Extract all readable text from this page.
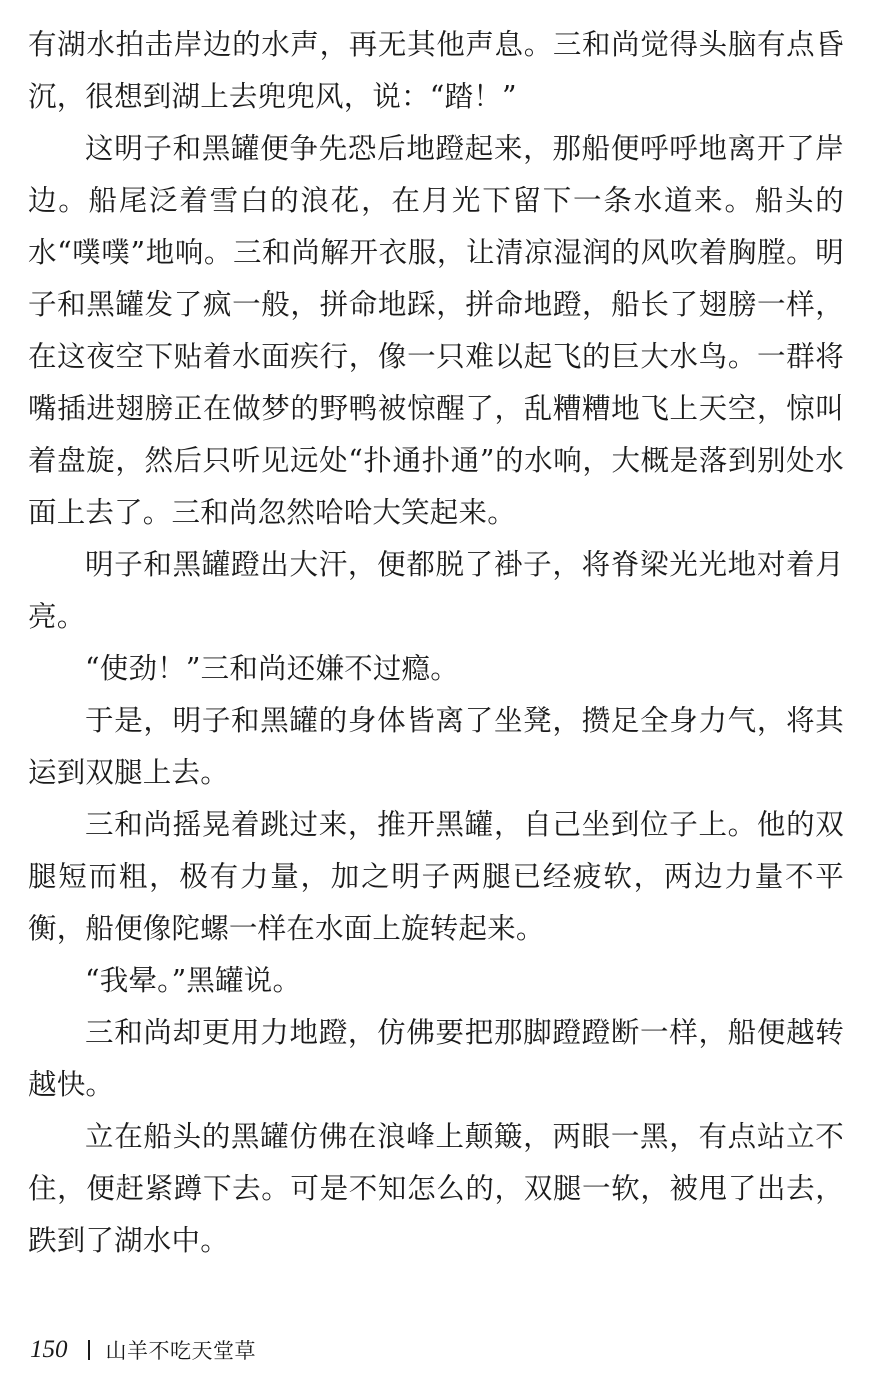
有湖水拍击岸边的水声，再无其他声息。三和尚觉得头脑有点昏沉，很想到湖上去兜兜风，说：“踏！”

这明子和黑罐便争先恐后地蹬起来，那船便呼呼地离开了岸边。船尾泛着雪白的浪花，在月光下留下一条水道来。船头的水“噗噗”地响。三和尚解开衣服，让清凉湿润的风吹着胸膛。明子和黑罐发了疯一般，拼命地踩，拼命地蹬，船长了翅膀一样，在这夜空下贴着水面疾行，像一只难以起飞的巨大水鸟。一群将嘴插进翅膀正在做梦的野鸭被惊醒了，乱糟糟地飞上天空，惊叫着盘旋，然后只听见远处“扑通扑通”的水响，大概是落到别处水面上去了。三和尚忽然哈哈大笑起来。

明子和黑罐蹬出大汗，便都脱了褂子，将脊梁光光地对着月亮。

“使劲！”三和尚还嫌不过瘾。

于是，明子和黑罐的身体皆离了坐凳，攒足全身力气，将其运到双腿上去。

三和尚摇晃着跳过来，推开黑罐，自己坐到位子上。他的双腿短而粗，极有力量，加之明子两腿已经疲软，两边力量不平衡，船便像陀螺一样在水面上旋转起来。

“我晕。”黑罐说。

三和尚却更用力地蹬，仿佛要把那脚蹬蹬断一样，船便越转越快。

立在船头的黑罐仿佛在浪峰上颠簸，两眼一黑，有点站立不住，便赶紧蹲下去。可是不知怎么的，双腿一软，被甩了出去，跌到了湖水中。

150 山羊不吃天堂草
